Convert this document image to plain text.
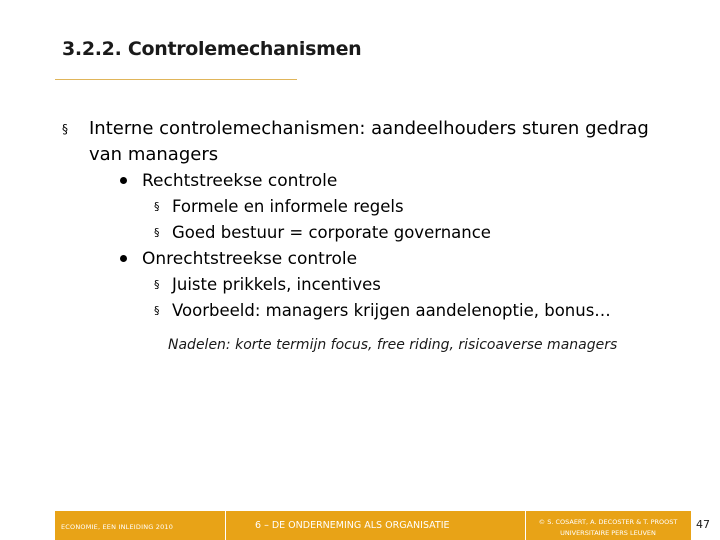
3.2.2. Controlemechanismen
§ Interne controlemechanismen: aandeelhouders sturen gedrag van managers
Rechtstreekse controle
§ Formele en informele regels
§ Goed bestuur = corporate governance
Onrechtstreekse controle
§ Juiste prikkels, incentives
§ Voorbeeld: managers krijgen aandelenoptie, bonus…
Nadelen: korte termijn focus, free riding, risicoaverse managers
ECONOMIE, EEN INLEIDING 2010	6 – DE ONDERNEMING ALS ORGANISATIE	© S. COSAERT, A. DECOSTER & T. PROOST
UNIVERSITAIRE PERS LEUVEN
47
